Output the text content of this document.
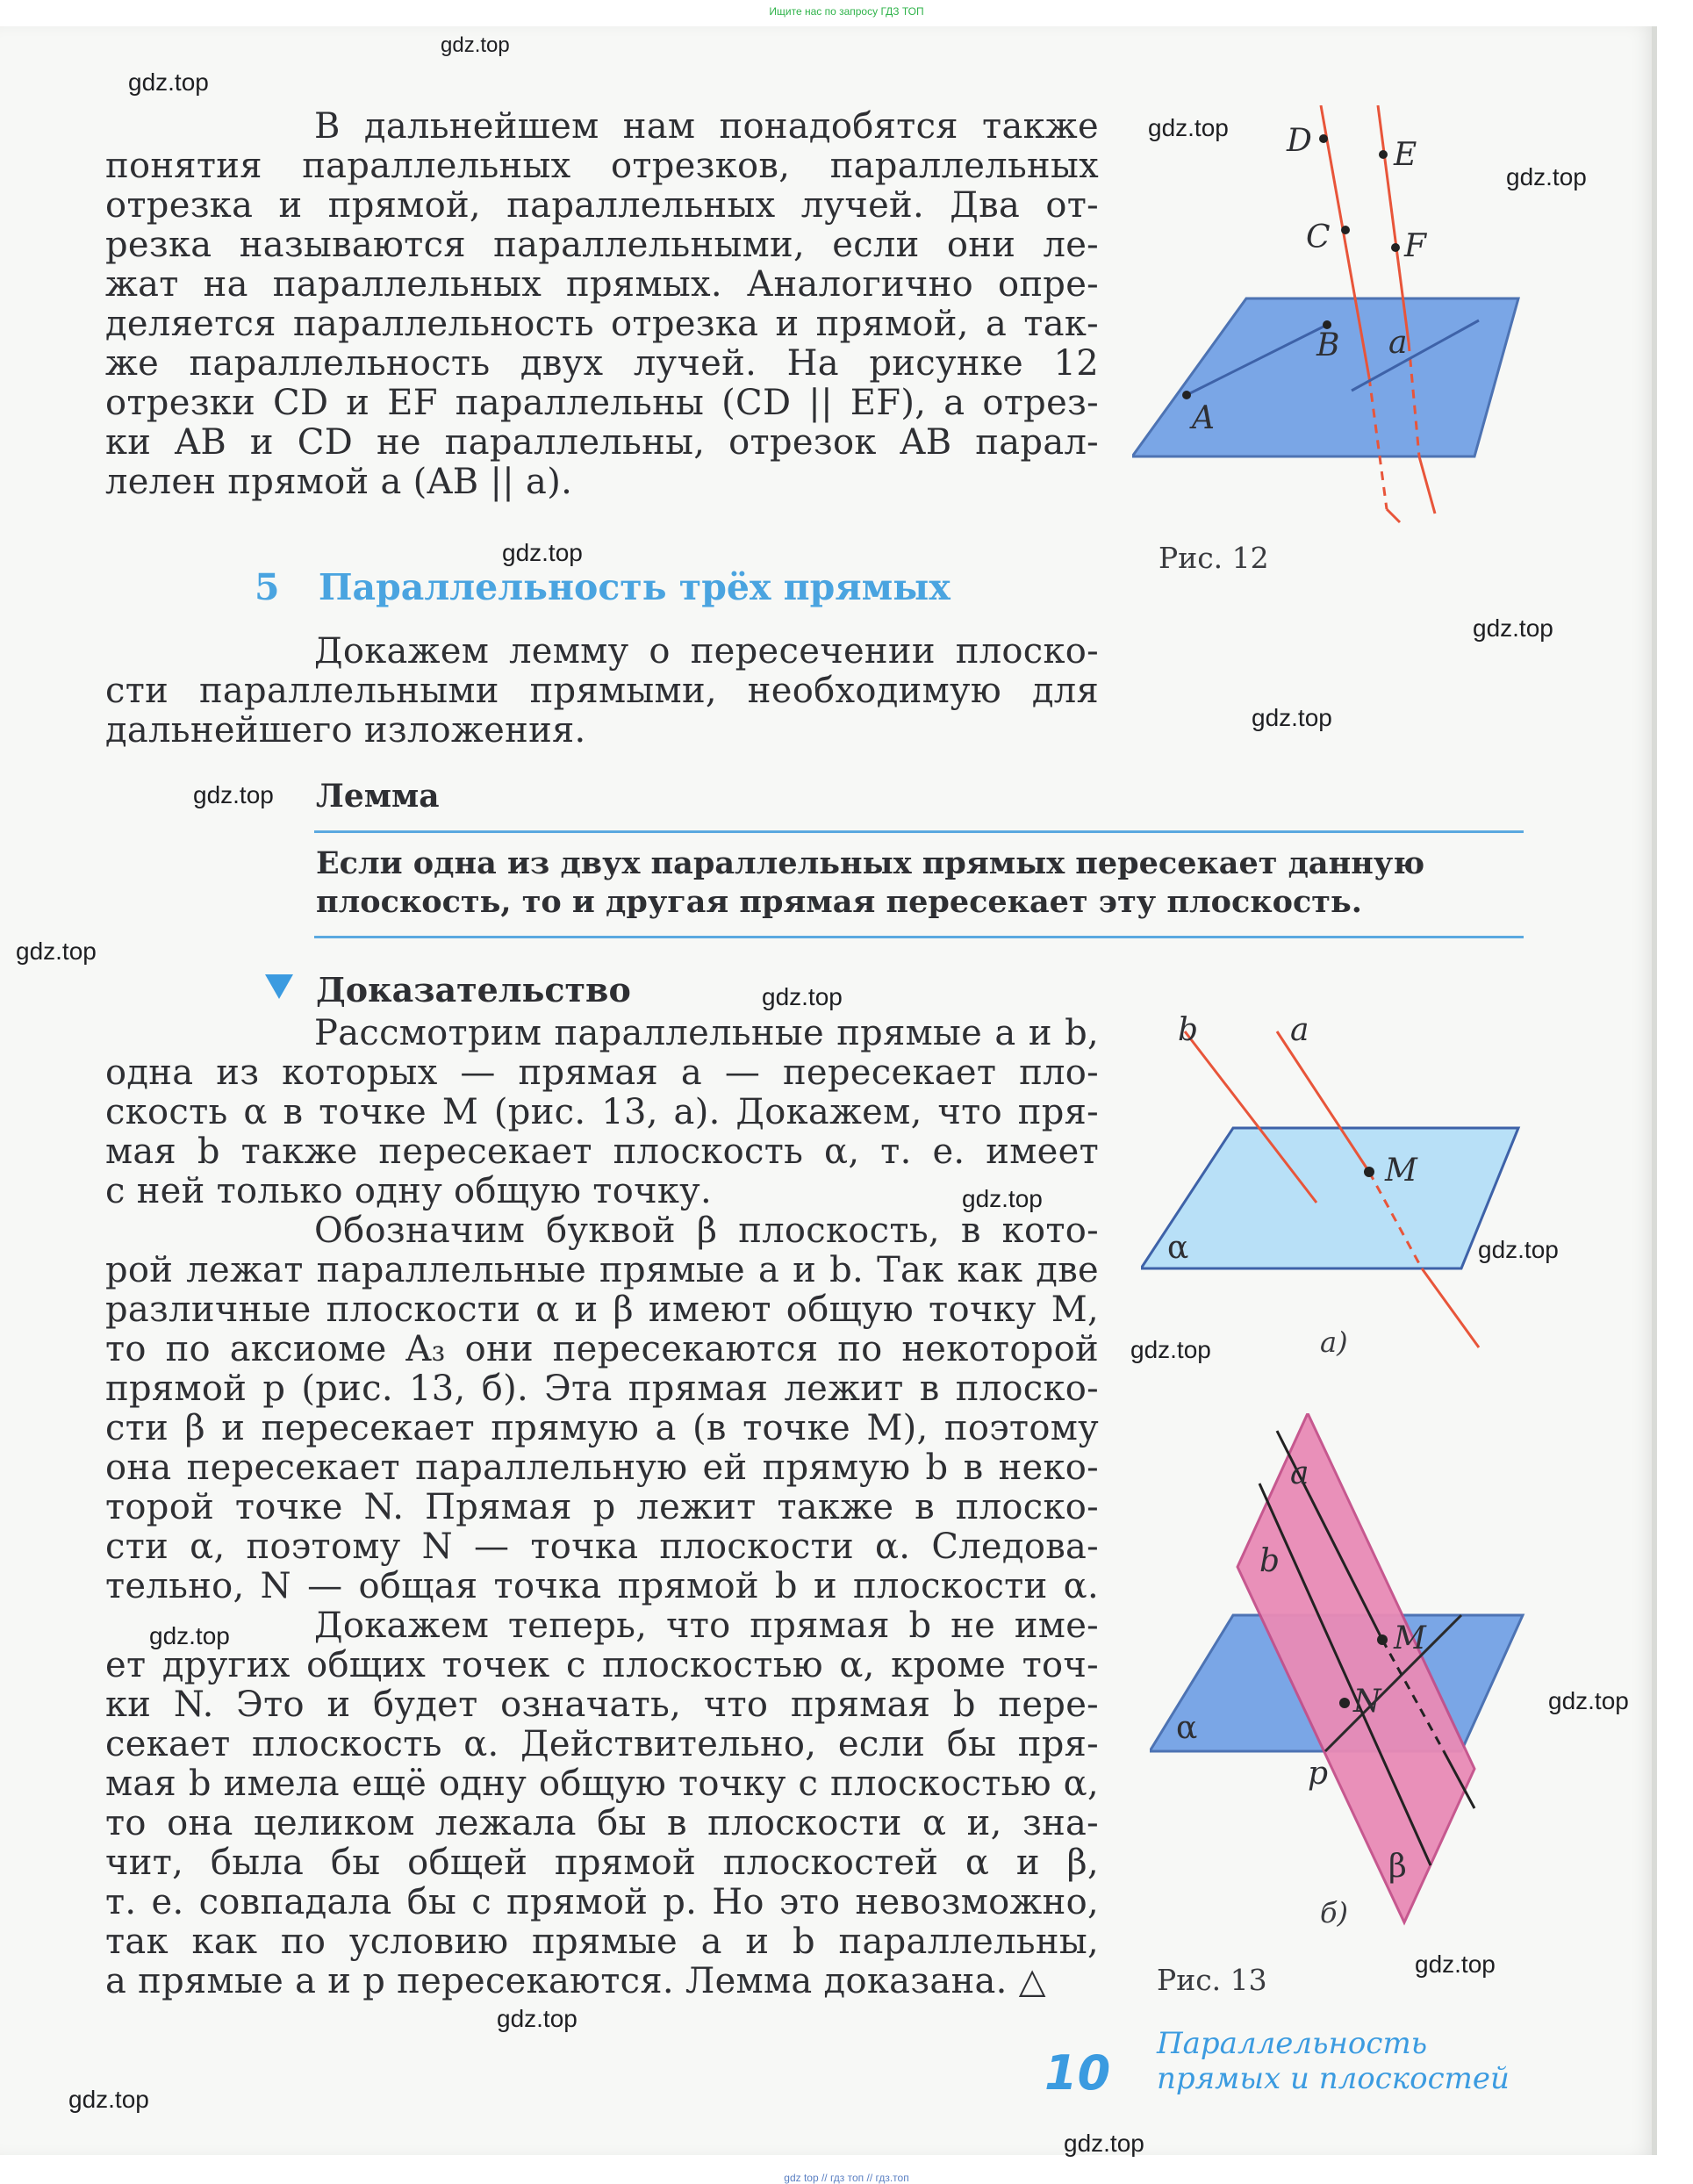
Ищите нас по запросу ГДЗ ТОП

В дальнейшем нам понадобятся также
понятия параллельных отрезков, параллельных
отрезка и прямой, параллельных лучей. Два от-
резка называются параллельными, если они ле-
жат на параллельных прямых. Аналогично опре-
деляется параллельность отрезка и прямой, а так-
же параллельность двух лучей. На рисунке 12
отрезки CD и EF параллельны (CD || EF), а отрез-
ки AB и CD не параллельны, отрезок AB парал-
лелен прямой a (AB || a).

5 Параллельность трёх прямых

Докажем лемму о пересечении плоско-
сти параллельными прямыми, необходимую для
дальнейшего изложения.

Лемма
Если одна из двух параллельных прямых пересекает данную
плоскость, то и другая прямая пересекает эту плоскость.
Доказательство

Рассмотрим параллельные прямые a и b,
одна из которых — прямая a — пересекает пло-
скость α в точке M (рис. 13, а). Докажем, что пря-
мая b также пересекает плоскость α, т. е. имеет
с ней только одну общую точку.
Обозначим буквой β плоскость, в кото-
рой лежат параллельные прямые a и b. Так как две
различные плоскости α и β имеют общую точку M,
то по аксиоме A₃ они пересекаются по некоторой
прямой p (рис. 13, б). Эта прямая лежит в плоско-
сти β и пересекает прямую a (в точке M), поэтому
она пересекает параллельную ей прямую b в неко-
торой точке N. Прямая p лежит также в плоско-
сти α, поэтому N — точка плоскости α. Следова-
тельно, N — общая точка прямой b и плоскости α.
Докажем теперь, что прямая b не име-
ет других общих точек с плоскостью α, кроме точ-
ки N. Это и будет означать, что прямая b пере-
секает плоскость α. Действительно, если бы пря-
мая b имела ещё одну общую точку с плоскостью α,
то она целиком лежала бы в плоскости α и, зна-
чит, была бы общей прямой плоскостей α и β,
т. е. совпадала бы с прямой p. Но это невозможно,
так как по условию прямые a и b параллельны,
а прямые a и p пересекаются. Лемма доказана. △

D	E
C F
B a
A
Рис. 12
b	a
M
α
а)
a
b
M
N
α
p
β
б)
Рис. 13
10
Параллельность
прямых и плоскостей
gdz.top
gdz.top
gdz.top
gdz.top
gdz.top
gdz.top
gdz.top
gdz.top
gdz.top
gdz.top
gdz.top
gdz.top
gdz.top
gdz.top
gdz.top
gdz.top
gdz.top
gdz.top
gdz.top
gdz top // гдз топ // гдз.топ
